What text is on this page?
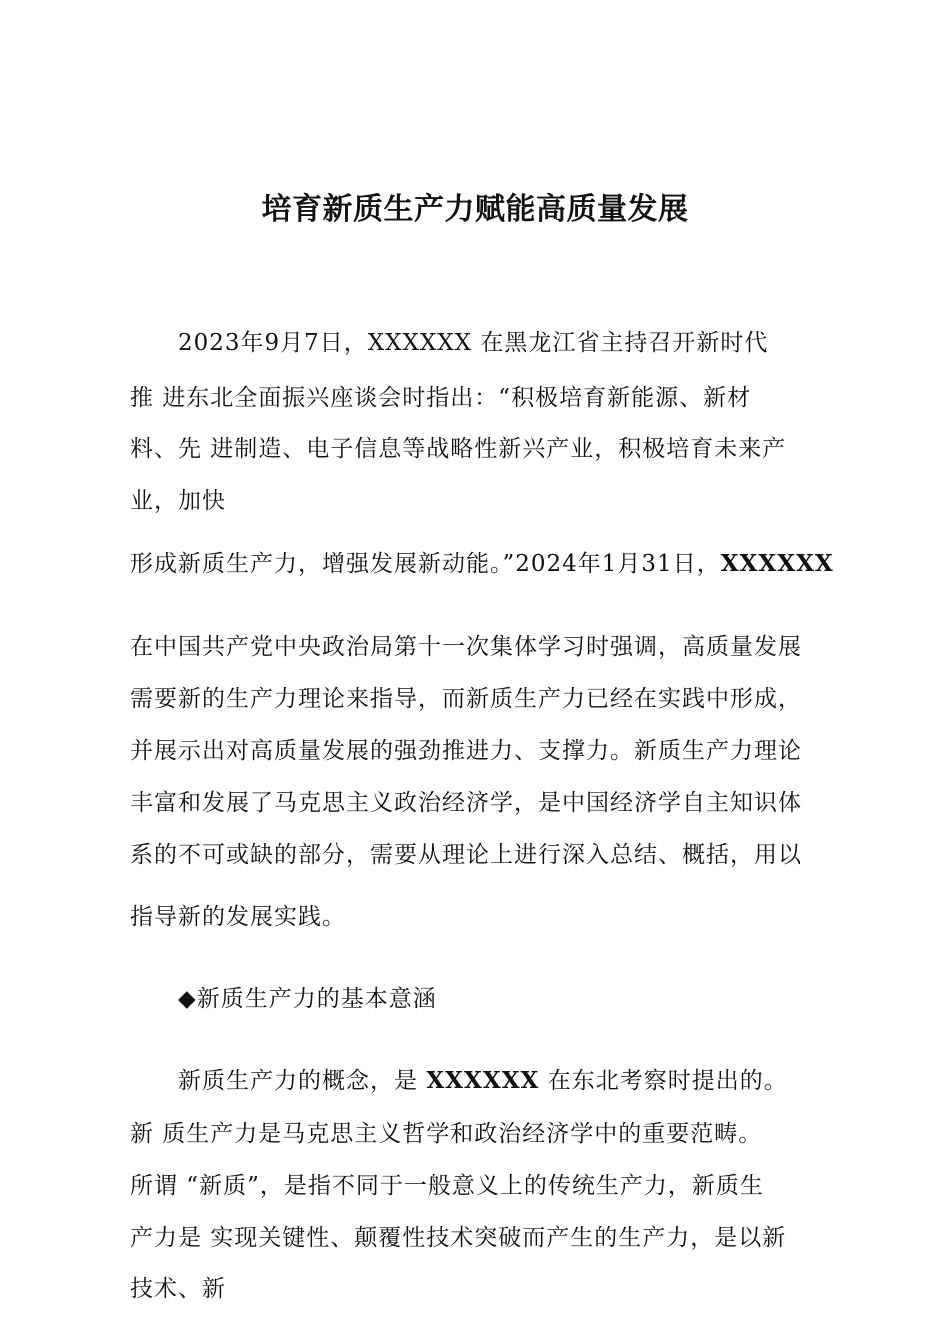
培育新质生产力赋能高质量发展
2023年9月7日，XXXXXX 在黑龙江省主持召开新时代
推 进东北全面振兴座谈会时指出：“积极培育新能源、新材
料、先 进制造、电子信息等战略性新兴产业，积极培育未来产
业，加快
形成新质生产力，增强发展新动能。”2024年1月31日，XXXXXX
在中国共产党中央政治局第十一次集体学习时强调，高质量发展
需要新的生产力理论来指导，而新质生产力已经在实践中形成，
并展示出对高质量发展的强劲推进力、支撑力。新质生产力理论
丰富和发展了马克思主义政治经济学，是中国经济学自主知识体
系的不可或缺的部分，需要从理论上进行深入总结、概括，用以
指导新的发展实践。
◆新质生产力的基本意涵
新质生产力的概念，是 XXXXXX 在东北考察时提出的。
新 质生产力是马克思主义哲学和政治经济学中的重要范畴。
所谓 “新质”，是指不同于一般意义上的传统生产力，新质生
产力是 实现关键性、颠覆性技术突破而产生的生产力，是以新
技术、新
